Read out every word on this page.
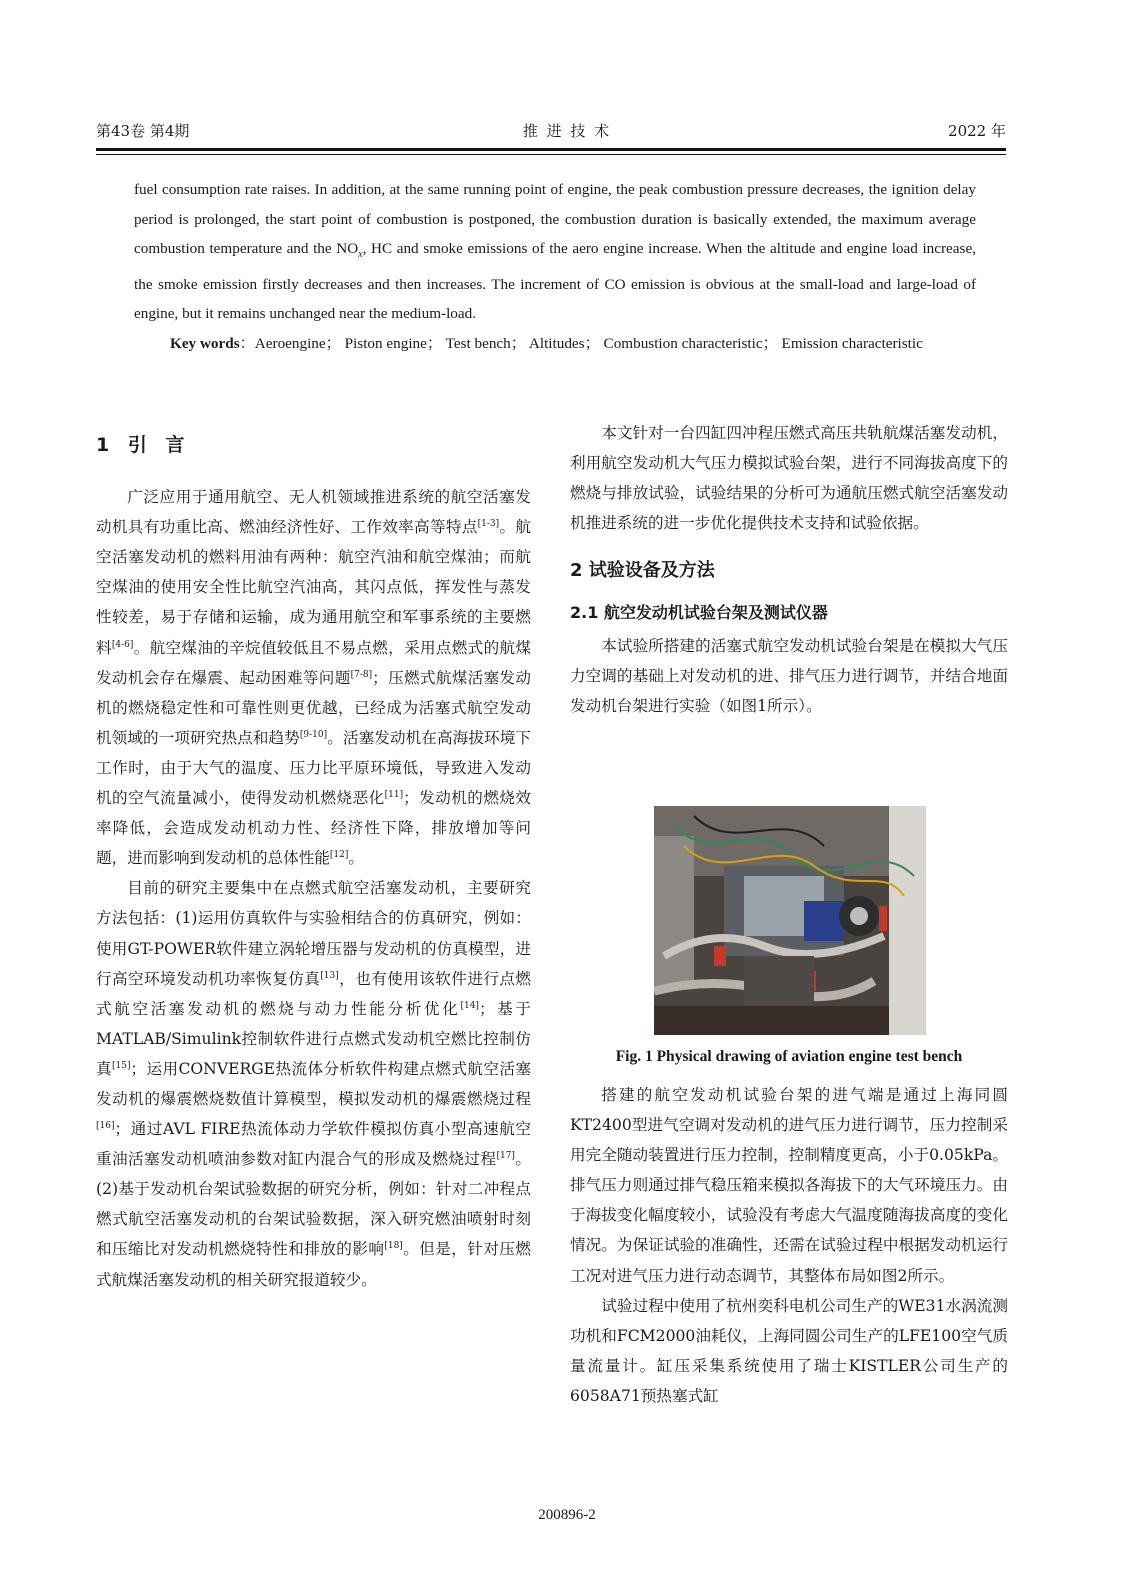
第43卷 第4期	推 进 技 术	2022 年

fuel consumption rate raises. In addition, at the same running point of engine, the peak combustion pressure decreases, the ignition delay period is prolonged, the start point of combustion is postponed, the combustion duration is basically extended, the maximum average combustion temperature and the $NO_x$, HC and smoke emissions of the aero engine increase. When the altitude and engine load increase, the smoke emission firstly decreases and then increases. The increment of CO emission is obvious at the small-load and large-load of engine, but it remains unchanged near the medium-load.

Key words：Aeroengine； Piston engine； Test bench； Altitudes； Combustion characteristic； Emission characteristic

1 引 言

广泛应用于通用航空、无人机领域推进系统的航空活塞发动机具有功重比高、燃油经济性好、工作效率高等特点[1-3]。航空活塞发动机的燃料用油有两种：航空汽油和航空煤油；而航空煤油的使用安全性比航空汽油高，其闪点低，挥发性与蒸发性较差，易于存储和运输，成为通用航空和军事系统的主要燃料[4-6]。航空煤油的辛烷值较低且不易点燃，采用点燃式的航煤发动机会存在爆震、起动困难等问题[7-8]；压燃式航煤活塞发动机的燃烧稳定性和可靠性则更优越，已经成为活塞式航空发动机领域的一项研究热点和趋势[9-10]。活塞发动机在高海拔环境下工作时，由于大气的温度、压力比平原环境低，导致进入发动机的空气流量减小，使得发动机燃烧恶化[11]；发动机的燃烧效率降低，会造成发动机动力性、经济性下降，排放增加等问题，进而影响到发动机的总体性能[12]。

目前的研究主要集中在点燃式航空活塞发动机，主要研究方法包括：(1)运用仿真软件与实验相结合的仿真研究，例如：使用GT-POWER软件建立涡轮增压器与发动机的仿真模型，进行高空环境发动机功率恢复仿真[13]，也有使用该软件进行点燃式航空活塞发动机的燃烧与动力性能分析优化[14]；基于MATLAB/Simulink控制软件进行点燃式发动机空燃比控制仿真[15]；运用CONVERGE热流体分析软件构建点燃式航空活塞发动机的爆震燃烧数值计算模型，模拟发动机的爆震燃烧过程[16]；通过AVL FIRE热流体动力学软件模拟仿真小型高速航空重油活塞发动机喷油参数对缸内混合气的形成及燃烧过程[17]。(2)基于发动机台架试验数据的研究分析，例如：针对二冲程点燃式航空活塞发动机的台架试验数据，深入研究燃油喷射时刻和压缩比对发动机燃烧特性和排放的影响[18]。但是，针对压燃式航煤活塞发动机的相关研究报道较少。

本文针对一台四缸四冲程压燃式高压共轨航煤活塞发动机，利用航空发动机大气压力模拟试验台架，进行不同海拔高度下的燃烧与排放试验，试验结果的分析可为通航压燃式航空活塞发动机推进系统的进一步优化提供技术支持和试验依据。

2 试验设备及方法
2.1 航空发动机试验台架及测试仪器

本试验所搭建的活塞式航空发动机试验台架是在模拟大气压力空调的基础上对发动机的进、排气压力进行调节，并结合地面发动机台架进行实验（如图1所示）。

Fig. 1 Physical drawing of aviation engine test bench

搭建的航空发动机试验台架的进气端是通过上海同圆KT2400型进气空调对发动机的进气压力进行调节，压力控制采用完全随动装置进行压力控制，控制精度更高，小于0.05kPa。排气压力则通过排气稳压箱来模拟各海拔下的大气环境压力。由于海拔变化幅度较小，试验没有考虑大气温度随海拔高度的变化情况。为保证试验的准确性，还需在试验过程中根据发动机运行工况对进气压力进行动态调节，其整体布局如图2所示。

试验过程中使用了杭州奕科电机公司生产的WE31水涡流测功机和FCM2000油耗仪，上海同圆公司生产的LFE100空气质量流量计。缸压采集系统使用了瑞士KISTLER公司生产的6058A71预热塞式缸

200896-2
